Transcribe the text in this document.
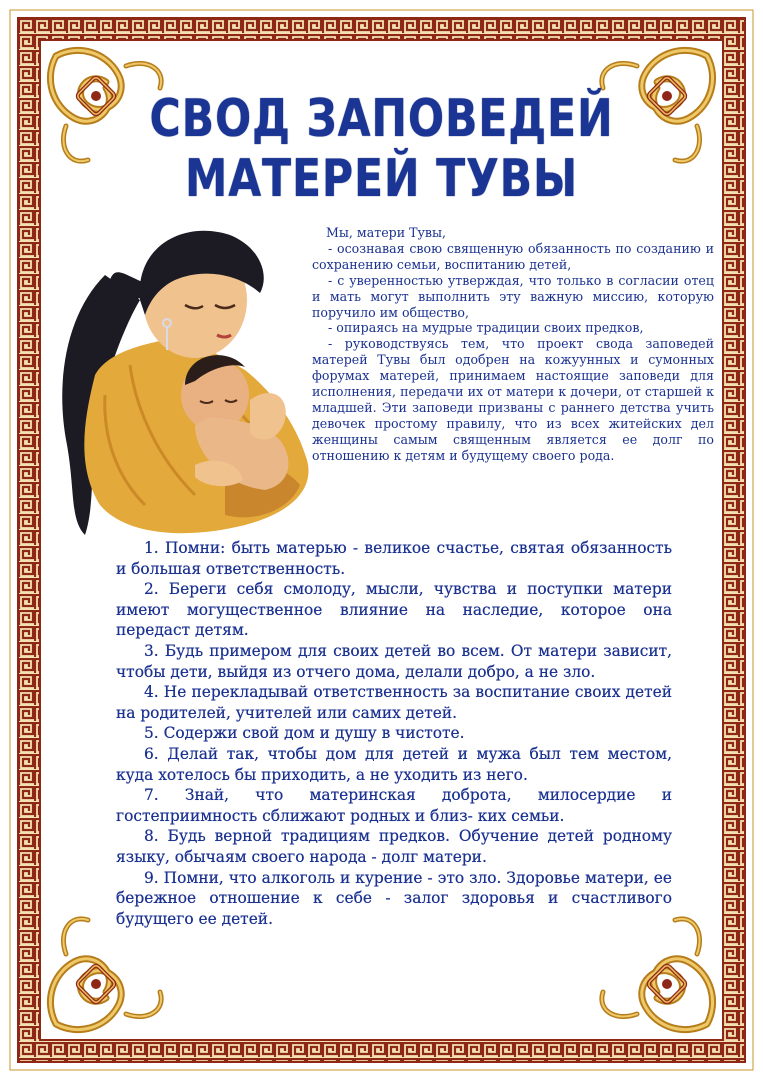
СВОД ЗАПОВЕДЕЙ
МАТЕРЕЙ ТУВЫ

Мы, матери Тувы,

- осознавая свою священную обязанность по созданию и сохранению семьи, воспитанию детей,

- с уверенностью утверждая, что только в согласии отец и мать могут выполнить эту важную миссию, которую поручило им общество,

- опираясь на мудрые традиции своих предков,

- руководствуясь тем, что проект свода заповедей матерей Тувы был одобрен на кожуунных и сумонных форумах матерей, принимаем настоящие заповеди для исполнения, передачи их от матери к дочери, от старшей к младшей. Эти заповеди призваны с раннего детства учить девочек простому правилу, что из всех житейских дел женщины самым священным является ее долг по отношению к детям и будущему своего рода.

1. Помни: быть матерью - великое счастье, святая обязанность и большая ответственность.

2. Береги себя смолоду, мысли, чувства и поступки матери имеют могущественное влияние на наследие, которое она передаст детям.

3. Будь примером для своих детей во всем. От матери зависит, чтобы дети, выйдя из отчего дома, делали добро, а не зло.

4. Не перекладывай ответственность за воспитание своих детей на родителей, учителей или самих детей.

5. Содержи свой дом и душу в чистоте.

6. Делай так, чтобы дом для детей и мужа был тем местом, куда хотелось бы приходить, а не уходить из него.

7. Знай, что материнская доброта, милосердие и гостеприимность сближают родных и близ- ких семьи.

8. Будь верной традициям предков. Обучение детей родному языку, обычаям своего народа - долг матери.

9. Помни, что алкоголь и курение - это зло. Здоровье матери, ее бережное отношение к себе - залог здоровья и счастливого будущего ее детей.
